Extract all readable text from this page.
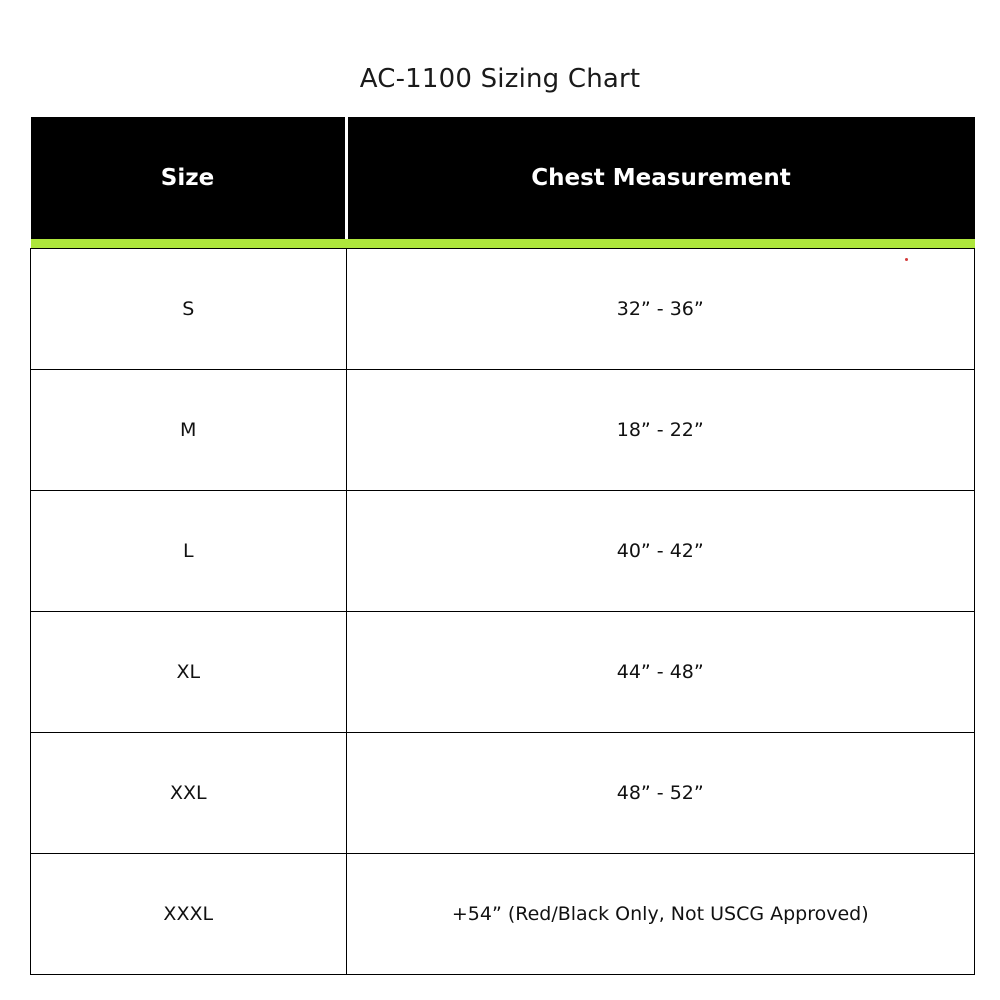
AC-1100 Sizing Chart
Size	Chest Measurement

S	32” - 36”
M	18” - 22”
L	40” - 42”
XL	44” - 48”
XXL	48” - 52”
XXXL	+54” (Red/Black Only, Not USCG Approved)
